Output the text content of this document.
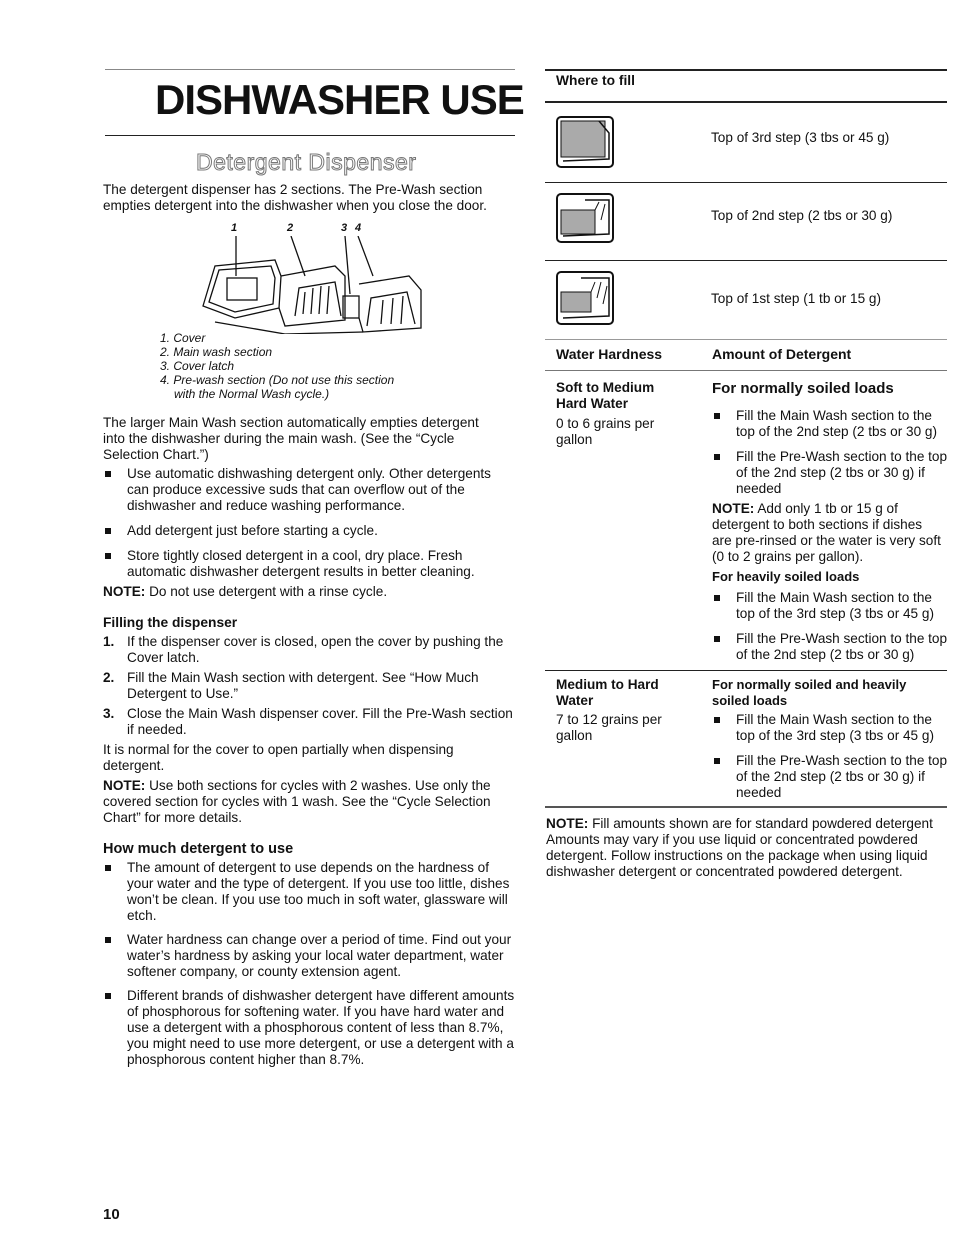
DISHWASHER USE
Detergent Dispenser
The detergent dispenser has 2 sections. The Pre-Wash section empties detergent into the dishwasher when you close the door.
1	2	3 4
1. Cover
2. Main wash section
3. Cover latch
4. Pre-wash section (Do not use this section
with the Normal Wash cycle.)
The larger Main Wash section automatically empties detergent into the dishwasher during the main wash. (See the “Cycle Selection Chart.”)
Use automatic dishwashing detergent only. Other detergents can produce excessive suds that can overflow out of the dishwasher and reduce washing performance.
Add detergent just before starting a cycle.
Store tightly closed detergent in a cool, dry place. Fresh automatic dishwasher detergent results in better cleaning.
NOTE: Do not use detergent with a rinse cycle.
Filling the dispenser
1. If the dispenser cover is closed, open the cover by pushing the Cover latch.
2. Fill the Main Wash section with detergent. See “How Much Detergent to Use.”
3. Close the Main Wash dispenser cover. Fill the Pre-Wash section if needed.
It is normal for the cover to open partially when dispensing detergent.
NOTE: Use both sections for cycles with 2 washes. Use only the covered section for cycles with 1 wash. See the “Cycle Selection Chart” for more details.
How much detergent to use
The amount of detergent to use depends on the hardness of your water and the type of detergent. If you use too little, dishes won’t be clean. If you use too much in soft water, glassware will etch.
Water hardness can change over a period of time. Find out your water’s hardness by asking your local water department, water softener company, or county extension agent.
Different brands of dishwasher detergent have different amounts of phosphorous for softening water. If you have hard water and use a detergent with a phosphorous content of less than 8.7%, you might need to use more detergent, or use a detergent with a phosphorous content higher than 8.7%.
10
Where to fill
Top of 3rd step (3 tbs or 45 g)
Top of 2nd step (2 tbs or 30 g)
Top of 1st step (1 tb or 15 g)
Water Hardness	Amount of Detergent
Soft to Medium Hard Water
0 to 6 grains per gallon
For normally soiled loads
Fill the Main Wash section to the top of the 2nd step (2 tbs or 30 g)
Fill the Pre-Wash section to the top of the 2nd step (2 tbs or 30 g) if needed
NOTE: Add only 1 tb or 15 g of detergent to both sections if dishes are pre-rinsed or the water is very soft (0 to 2 grains per gallon).
For heavily soiled loads
Fill the Main Wash section to the top of the 3rd step (3 tbs or 45 g)
Fill the Pre-Wash section to the top of the 2nd step (2 tbs or 30 g)
Medium to Hard Water
7 to 12 grains per gallon
For normally soiled and heavily soiled loads
Fill the Main Wash section to the top of the 3rd step (3 tbs or 45 g)
Fill the Pre-Wash section to the top of the 2nd step (2 tbs or 30 g) if needed
NOTE: Fill amounts shown are for standard powdered detergent Amounts may vary if you use liquid or concentrated powdered detergent. Follow instructions on the package when using liquid dishwasher detergent or concentrated powdered detergent.
